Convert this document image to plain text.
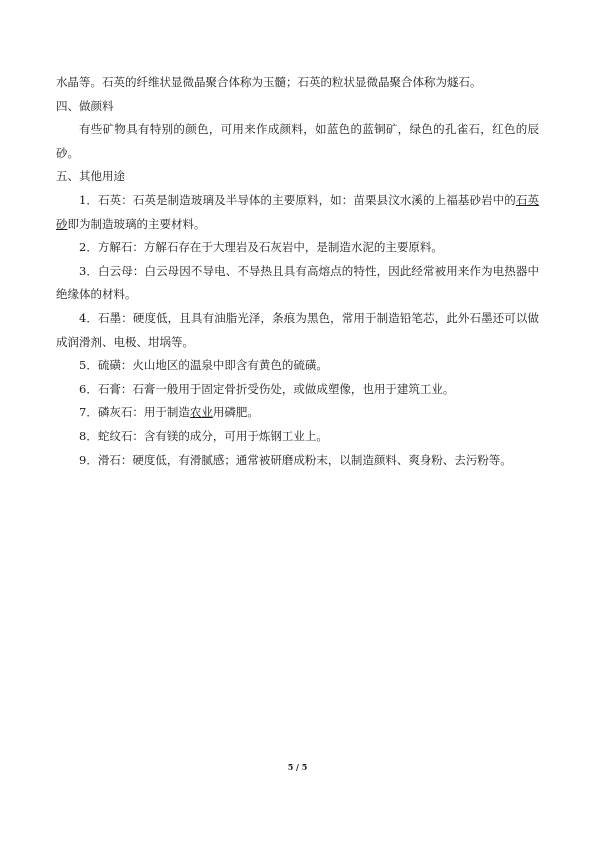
水晶等。石英的纤维状显微晶聚合体称为玉髓；石英的粒状显微晶聚合体称为燧石。

四、做颜料

有些矿物具有特别的颜色，可用来作成颜料，如蓝色的蓝铜矿，绿色的孔雀石，红色的辰砂。

五、其他用途

1．石英：石英是制造玻璃及半导体的主要原料，如：苗栗县汶水溪的上福基砂岩中的石英砂即为制造玻璃的主要材料。

2．方解石：方解石存在于大理岩及石灰岩中，是制造水泥的主要原料。

3．白云母：白云母因不导电、不导热且具有高熔点的特性，因此经常被用来作为电热器中绝缘体的材料。

4．石墨：硬度低，且具有油脂光泽，条痕为黑色，常用于制造铅笔芯，此外石墨还可以做成润滑剂、电极、坩埚等。

5．硫磺：火山地区的温泉中即含有黄色的硫磺。

6．石膏：石膏一般用于固定骨折受伤处，或做成塑像，也用于建筑工业。

7．磷灰石：用于制造农业用磷肥。

8．蛇纹石：含有镁的成分，可用于炼钢工业上。

9．滑石：硬度低，有滑腻感；通常被研磨成粉末，以制造颜料、爽身粉、去污粉等。

5 / 5
